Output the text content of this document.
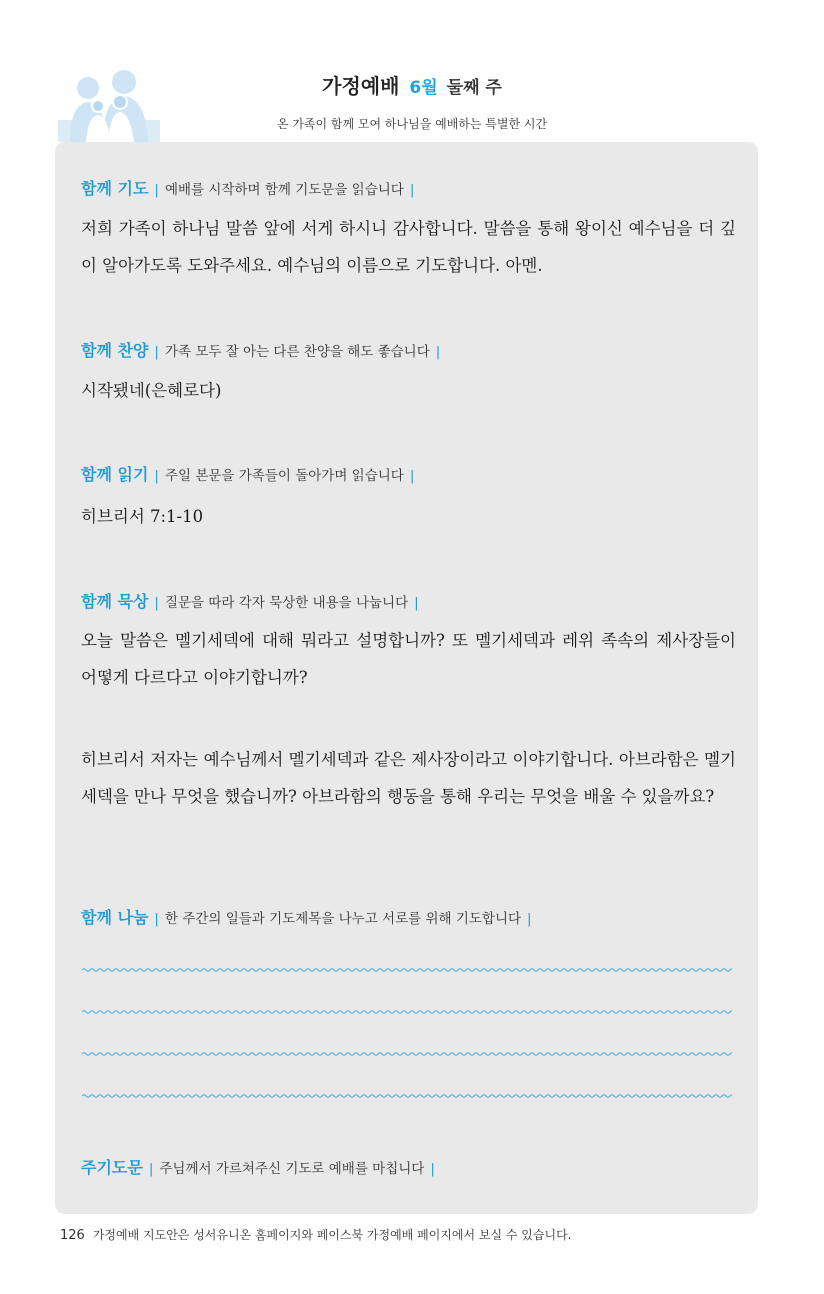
가정예배 6월 둘째 주
온 가족이 함께 모여 하나님을 예배하는 특별한 시간
함께 기도 | 예배를 시작하며 함께 기도문을 읽습니다 |
저희 가족이 하나님 말씀 앞에 서게 하시니 감사합니다. 말씀을 통해 왕이신 예수님을 더 깊이 알아가도록 도와주세요. 예수님의 이름으로 기도합니다. 아멘.
함께 찬양 | 가족 모두 잘 아는 다른 찬양을 해도 좋습니다 |
시작됐네(은혜로다)
함께 읽기 | 주일 본문을 가족들이 돌아가며 읽습니다 |
히브리서 7:1-10
함께 묵상 | 질문을 따라 각자 묵상한 내용을 나눕니다 |
오늘 말씀은 멜기세덱에 대해 뭐라고 설명합니까? 또 멜기세덱과 레위 족속의 제사장들이 어떻게 다르다고 이야기합니까?
히브리서 저자는 예수님께서 멜기세덱과 같은 제사장이라고 이야기합니다. 아브라함은 멜기세덱을 만나 무엇을 했습니까? 아브라함의 행동을 통해 우리는 무엇을 배울 수 있을까요?
함께 나눔 | 한 주간의 일들과 기도제목을 나누고 서로를 위해 기도합니다 |
주기도문 | 주님께서 가르쳐주신 기도로 예배를 마칩니다 |
126 가정예배 지도안은 성서유니온 홈페이지와 페이스북 가정예배 페이지에서 보실 수 있습니다.
